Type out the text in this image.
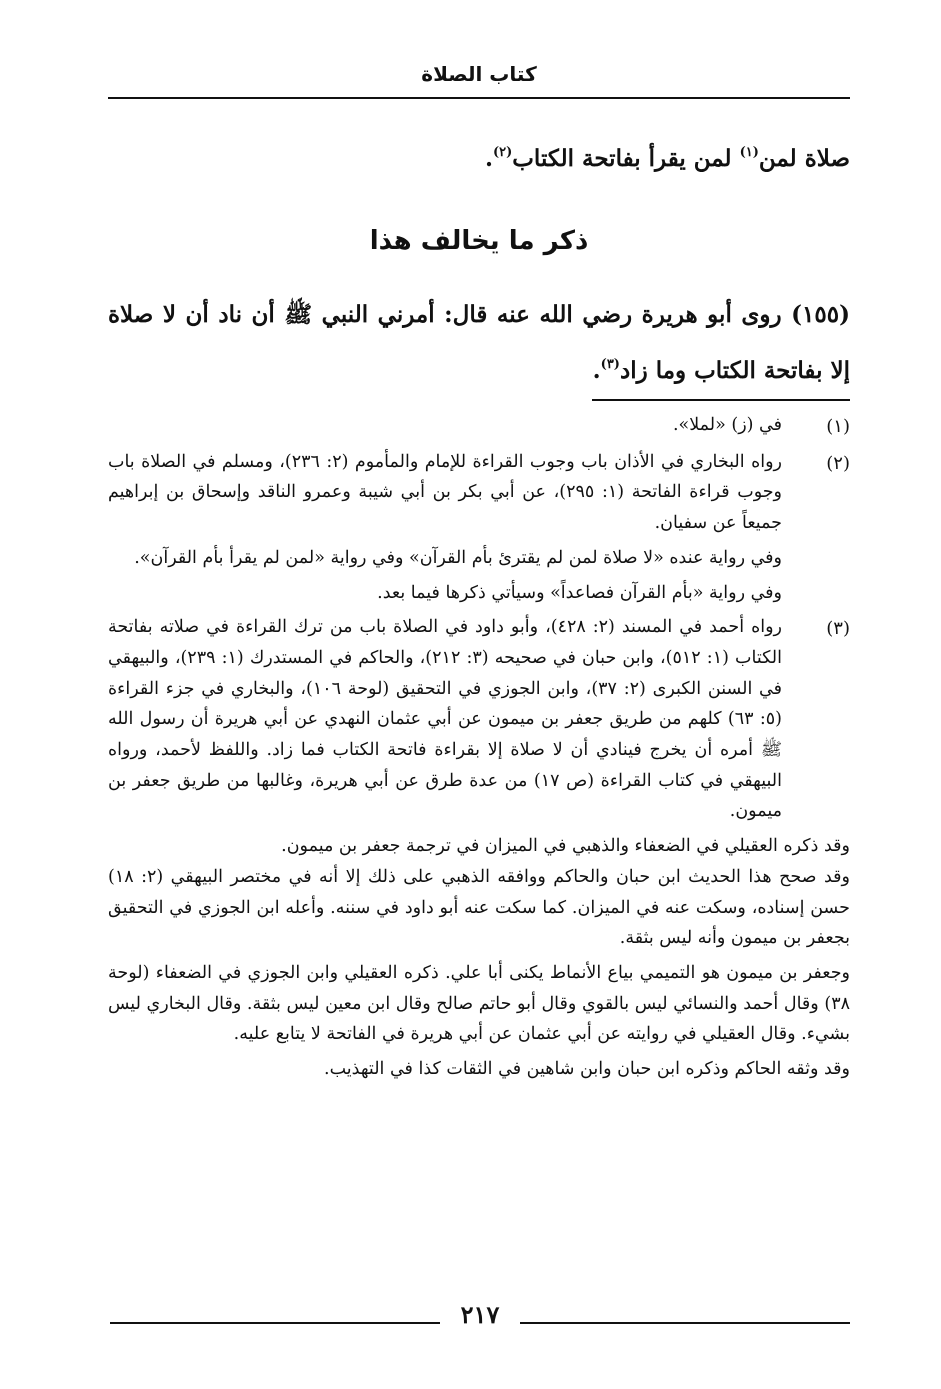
كتاب الصلاة

صلاة لمن$^{(١)}$ لمن يقرأ بفاتحة الكتاب$^{(٢)}$.

ذكر ما يخالف هذا

(١٥٥) روى أبو هريرة رضي الله عنه قال: أمرني النبي ﷺ أن ناد أن لا صلاة إلا بفاتحة الكتاب وما زاد$^{(٣)}$.

(١)

في (ز) «لملا».

(٢)

رواه البخاري في الأذان باب وجوب القراءة للإمام والمأموم (٢: ٢٣٦)، ومسلم في الصلاة باب وجوب قراءة الفاتحة (١: ٢٩٥)، عن أبي بكر بن أبي شيبة وعمرو الناقد وإسحاق بن إبراهيم جميعاً عن سفيان.

وفي رواية عنده «لا صلاة لمن لم يقترئ بأم القرآن» وفي رواية «لمن لم يقرأ بأم القرآن».

وفي رواية «بأم القرآن فصاعداً» وسيأتي ذكرها فيما بعد.

(٣)

رواه أحمد في المسند (٢: ٤٢٨)، وأبو داود في الصلاة باب من ترك القراءة في صلاته بفاتحة الكتاب (١: ٥١٢)، وابن حبان في صحيحه (٣: ٢١٢)، والحاكم في المستدرك (١: ٢٣٩)، والبيهقي في السنن الكبرى (٢: ٣٧)، وابن الجوزي في التحقيق (لوحة ١٠٦)، والبخاري في جزء القراءة (٥: ٦٣) كلهم من طريق جعفر بن ميمون عن أبي عثمان النهدي عن أبي هريرة أن رسول الله ﷺ أمره أن يخرج فينادي أن لا صلاة إلا بقراءة فاتحة الكتاب فما زاد. واللفظ لأحمد، ورواه البيهقي في كتاب القراءة (ص ١٧) من عدة طرق عن أبي هريرة، وغالبها من طريق جعفر بن ميمون.

وقد ذكره العقيلي في الضعفاء والذهبي في الميزان في ترجمة جعفر بن ميمون.

وقد صحح هذا الحديث ابن حبان والحاكم ووافقه الذهبي على ذلك إلا أنه في مختصر البيهقي (٢: ١٨) حسن إسناده، وسكت عنه في الميزان. كما سكت عنه أبو داود في سننه. وأعله ابن الجوزي في التحقيق بجعفر بن ميمون وأنه ليس بثقة.

وجعفر بن ميمون هو التميمي بياع الأنماط يكنى أبا علي. ذكره العقيلي وابن الجوزي في الضعفاء (لوحة ٣٨) وقال أحمد والنسائي ليس بالقوي وقال أبو حاتم صالح وقال ابن معين ليس بثقة. وقال البخاري ليس بشيء. وقال العقيلي في روايته عن أبي عثمان عن أبي هريرة في الفاتحة لا يتابع عليه.

وقد وثقه الحاكم وذكره ابن حبان وابن شاهين في الثقات كذا في التهذيب.

٢١٧
